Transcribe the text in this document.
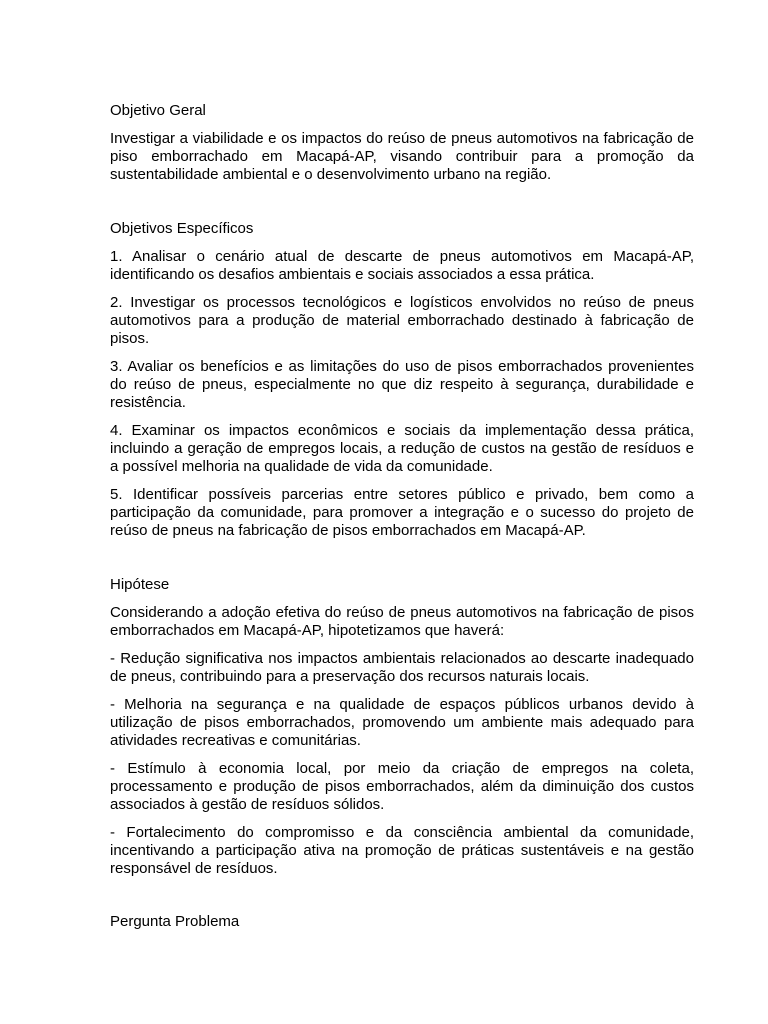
Objetivo Geral

Investigar a viabilidade e os impactos do reúso de pneus automotivos na fabricação de piso emborrachado em Macapá-AP, visando contribuir para a promoção da sustentabilidade ambiental e o desenvolvimento urbano na região.

Objetivos Específicos

1. Analisar o cenário atual de descarte de pneus automotivos em Macapá-AP, identificando os desafios ambientais e sociais associados a essa prática.

2. Investigar os processos tecnológicos e logísticos envolvidos no reúso de pneus automotivos para a produção de material emborrachado destinado à fabricação de pisos.

3. Avaliar os benefícios e as limitações do uso de pisos emborrachados provenientes do reúso de pneus, especialmente no que diz respeito à segurança, durabilidade e resistência.

4. Examinar os impactos econômicos e sociais da implementação dessa prática, incluindo a geração de empregos locais, a redução de custos na gestão de resíduos e a possível melhoria na qualidade de vida da comunidade.

5. Identificar possíveis parcerias entre setores público e privado, bem como a participação da comunidade, para promover a integração e o sucesso do projeto de reúso de pneus na fabricação de pisos emborrachados em Macapá-AP.

Hipótese

Considerando a adoção efetiva do reúso de pneus automotivos na fabricação de pisos emborrachados em Macapá-AP, hipotetizamos que haverá:

- Redução significativa nos impactos ambientais relacionados ao descarte inadequado de pneus, contribuindo para a preservação dos recursos naturais locais.

- Melhoria na segurança e na qualidade de espaços públicos urbanos devido à utilização de pisos emborrachados, promovendo um ambiente mais adequado para atividades recreativas e comunitárias.

- Estímulo à economia local, por meio da criação de empregos na coleta, processamento e produção de pisos emborrachados, além da diminuição dos custos associados à gestão de resíduos sólidos.

- Fortalecimento do compromisso e da consciência ambiental da comunidade, incentivando a participação ativa na promoção de práticas sustentáveis e na gestão responsável de resíduos.

Pergunta Problema
